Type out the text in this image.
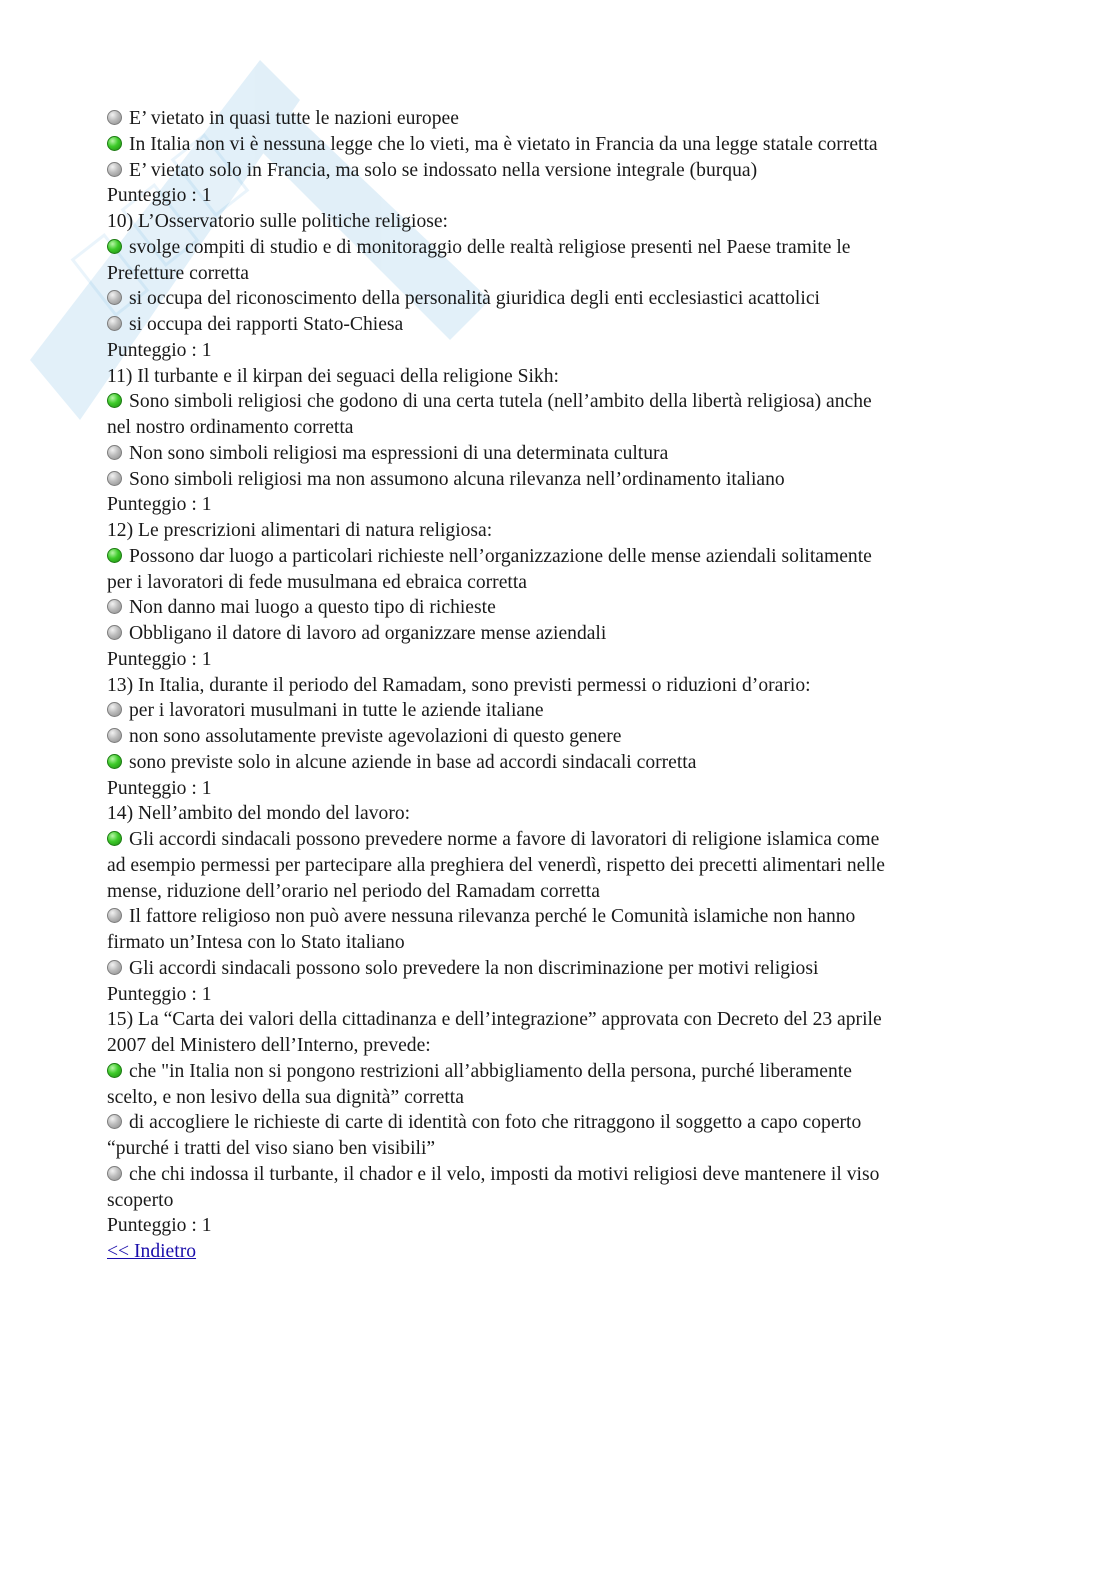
E’ vietato in quasi tutte le nazioni europee
In Italia non vi è nessuna legge che lo vieti, ma è vietato in Francia da una legge statale corretta
E’ vietato solo in Francia, ma solo se indossato nella versione integrale (burqua)
Punteggio : 1
10) L’Osservatorio sulle politiche religiose:
svolge compiti di studio e di monitoraggio delle realtà religiose presenti nel Paese tramite le
Prefetture corretta
si occupa del riconoscimento della personalità giuridica degli enti ecclesiastici acattolici
si occupa dei rapporti Stato-Chiesa
Punteggio : 1
11) Il turbante e il kirpan dei seguaci della religione Sikh:
Sono simboli religiosi che godono di una certa tutela (nell’ambito della libertà religiosa) anche
nel nostro ordinamento corretta
Non sono simboli religiosi ma espressioni di una determinata cultura
Sono simboli religiosi ma non assumono alcuna rilevanza nell’ordinamento italiano
Punteggio : 1
12) Le prescrizioni alimentari di natura religiosa:
Possono dar luogo a particolari richieste nell’organizzazione delle mense aziendali solitamente
per i lavoratori di fede musulmana ed ebraica corretta
Non danno mai luogo a questo tipo di richieste
Obbligano il datore di lavoro ad organizzare mense aziendali
Punteggio : 1
13) In Italia, durante il periodo del Ramadam, sono previsti permessi o riduzioni d’orario:
per i lavoratori musulmani in tutte le aziende italiane
non sono assolutamente previste agevolazioni di questo genere
sono previste solo in alcune aziende in base ad accordi sindacali corretta
Punteggio : 1
14) Nell’ambito del mondo del lavoro:
Gli accordi sindacali possono prevedere norme a favore di lavoratori di religione islamica come
ad esempio permessi per partecipare alla preghiera del venerdì, rispetto dei precetti alimentari nelle
mense, riduzione dell’orario nel periodo del Ramadam corretta
Il fattore religioso non può avere nessuna rilevanza perché le Comunità islamiche non hanno
firmato un’Intesa con lo Stato italiano
Gli accordi sindacali possono solo prevedere la non discriminazione per motivi religiosi
Punteggio : 1
15) La “Carta dei valori della cittadinanza e dell’integrazione” approvata con Decreto del 23 aprile
2007 del Ministero dell’Interno, prevede:
che "in Italia non si pongono restrizioni all’abbigliamento della persona, purché liberamente
scelto, e non lesivo della sua dignità” corretta
di accogliere le richieste di carte di identità con foto che ritraggono il soggetto a capo coperto
“purché i tratti del viso siano ben visibili”
che chi indossa il turbante, il chador e il velo, imposti da motivi religiosi deve mantenere il viso
scoperto
Punteggio : 1
<< Indietro
